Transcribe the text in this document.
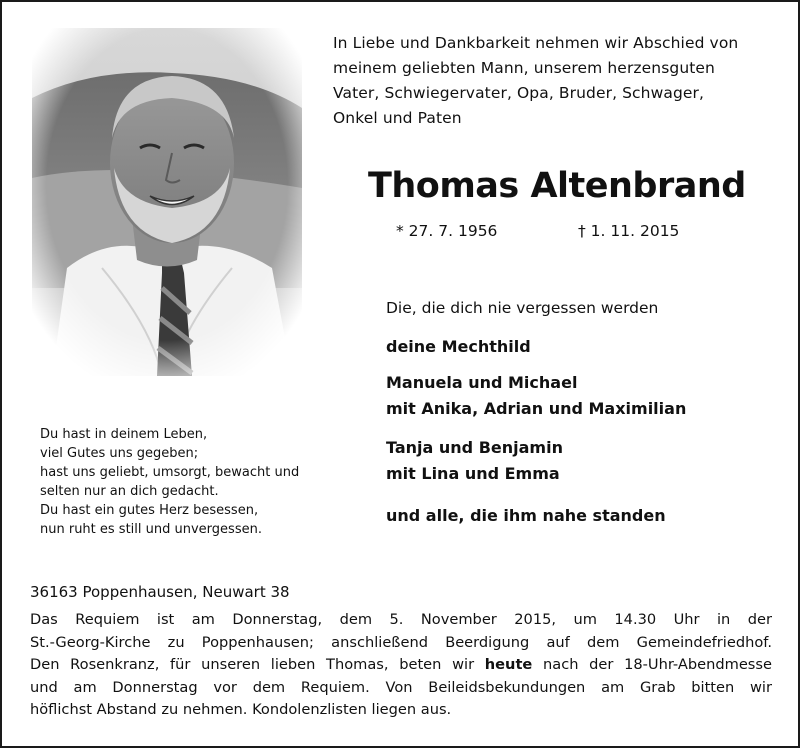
In Liebe und Dankbarkeit nehmen wir Abschied von
meinem geliebten Mann, unserem herzensguten
Vater, Schwiegervater, Opa, Bruder, Schwager,
Onkel und Paten
Thomas Altenbrand
* 27. 7. 1956	† 1. 11. 2015
Die, die dich nie vergessen werden
deine Mechthild
Manuela und Michael
mit Anika, Adrian und Maximilian
Tanja und Benjamin
mit Lina und Emma
und alle, die ihm nahe standen
Du hast in deinem Leben,
viel Gutes uns gegeben;
hast uns geliebt, umsorgt, bewacht und
selten nur an dich gedacht.
Du hast ein gutes Herz besessen,
nun ruht es still und unvergessen.
36163 Poppenhausen, Neuwart 38
Das Requiem ist am Donnerstag, dem 5. November 2015, um 14.30 Uhr in der
St.-Georg-Kirche zu Poppenhausen; anschließend Beerdigung auf dem Gemeindefriedhof.
Den Rosenkranz, für unseren lieben Thomas, beten wir heute nach der 18-Uhr-Abendmesse
und am Donnerstag vor dem Requiem. Von Beileidsbekundungen am Grab bitten wir
höflichst Abstand zu nehmen. Kondolenzlisten liegen aus.
